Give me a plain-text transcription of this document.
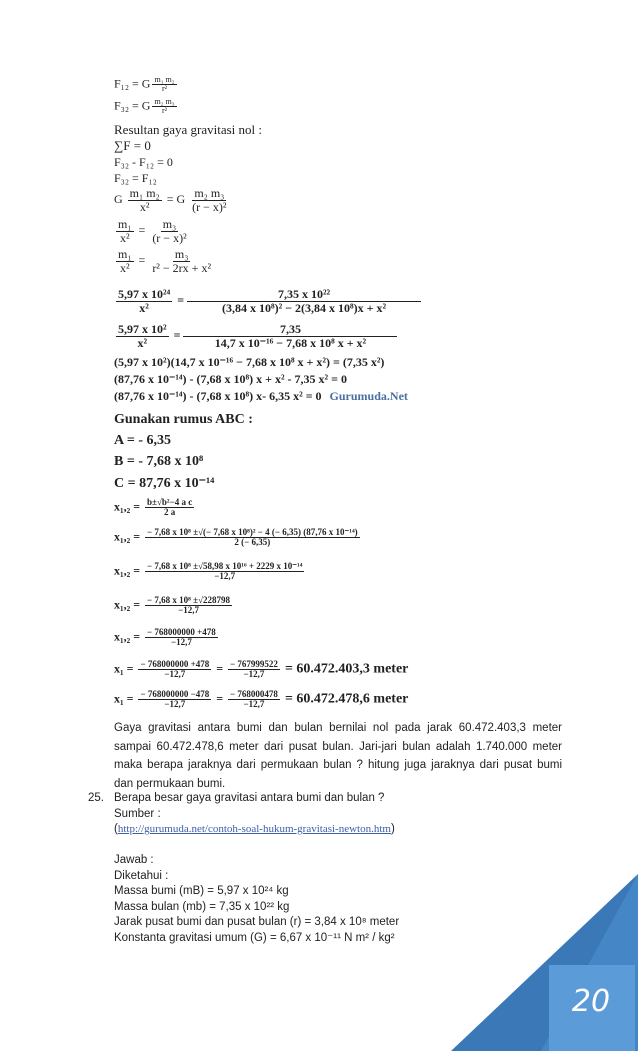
F₁₂ = G $\frac{\text{m₁ m₂}}{\text{r²}}$
F₃₂ = G $\frac{\text{m₂ m₃}}{\text{r²}}$
Resultan gaya gravitasi nol :
∑F = 0
F₃₂ - F₁₂ = 0
F₃₂ = F₁₂
G $\frac{\text{m₁ m₂}}{\text{x²}} = G \frac{\text{m₂ m₃}}{\text{(r − x)²}}$
$\frac{\text{m₁}}{\text{x²}} = \frac{\text{m₃}}{\text{(r − x)²}}$
$\frac{\text{m₁}}{\text{x²}} = \frac{\text{m₃}}{\text{r² − 2rx + x²}}$
$\frac{\text{5,97 x 10²⁴}}{\text{x²}} = \frac{\text{7,35 x 10²²}}{\text{(3,84 x 10⁸)² − 2(3,84 x 10⁸)x + x²}}$
$\frac{\text{5,97 x 10²}}{\text{x²}} = \frac{7,35}{\text{14,7 x 10⁻¹⁶ − 7,68 x 10⁸ x + x²}}$
(5,97 x 10²)(14,7 x 10⁻¹⁶ − 7,68 x 10⁸ x + x²) = (7,35 x²)
(87,76 x 10⁻¹⁴) - (7,68 x 10⁸) x + x² - 7,35 x² = 0
(87,76 x 10⁻¹⁴) - (7,68 x 10⁸) x- 6,35 x² = 0 Gurumuda.Net
Gunakan rumus ABC :
A = - 6,35
B = - 7,68 x 10⁸
C = 87,76 x 10⁻¹⁴
$x_1,_2 = \frac{\text{b±√b²−4 a c}}{2 a}$
$x_1,_2 = \frac{\text{− 7,68 x 10⁸ ±√(− 7,68 x 10⁸)² − 4 (− 6,35) (87,76 x 10⁻¹⁴)}}{2 (- 6,35)}$
$x_1,_2 = \frac{\text{− 7,68 x 10⁸ ±√58,98 x 10¹⁶ + 2229 x 10⁻¹⁴}}{-12,7}$
$x_1,_2 = \frac{\text{− 7,68 x 10⁸ ±√228798}}{-12,7}$
$x_1,_2 = \frac{- 768000000 +478}{-12,7}$
$x_1 = \frac{- 768000000 +478}{-12,7} = \frac{- 767999522}{-12,7} = 60.472.403,3$ meter
$x_1 = \frac{- 768000000 -478}{-12,7} = \frac{- 768000478}{-12,7} = 60.472.478,6$ meter
Gaya gravitasi antara bumi dan bulan bernilai nol pada jarak 60.472.403,3 meter sampai 60.472.478,6 meter dari pusat bulan. Jari-jari bulan adalah 1.740.000 meter maka berapa jaraknya dari permukaan bulan ? hitung juga jaraknya dari pusat bumi dan permukaan bumi.
25. Berapa besar gaya gravitasi antara bumi dan bulan ?
Sumber :
(http://gurumuda.net/contoh-soal-hukum-gravitasi-newton.htm)
Jawab :
Diketahui :
Massa bumi (mB) = 5,97 x 10²⁴ kg
Massa bulan (mb) = 7,35 x 10²² kg
Jarak pusat bumi dan pusat bulan (r) = 3,84 x 10⁸ meter
Konstanta gravitasi umum (G) = 6,67 x 10⁻¹¹ N m² / kg²
20
